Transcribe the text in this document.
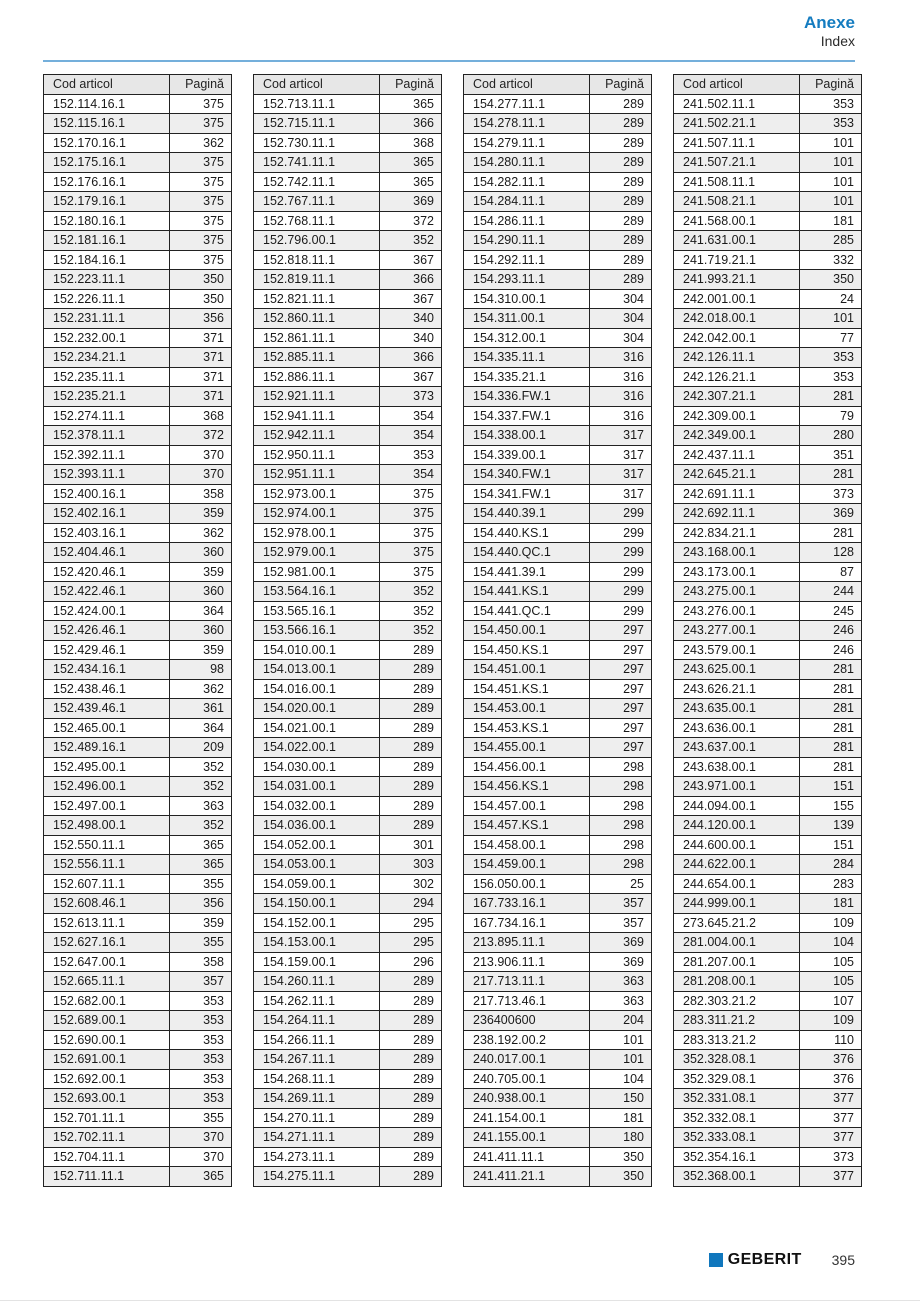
Anexe
Index
Cod articol	Pagină
152.114.16.1	375
152.115.16.1	375
152.170.16.1	362
152.175.16.1	375
152.176.16.1	375
152.179.16.1	375
152.180.16.1	375
152.181.16.1	375
152.184.16.1	375
152.223.11.1	350
152.226.11.1	350
152.231.11.1	356
152.232.00.1	371
152.234.21.1	371
152.235.11.1	371
152.235.21.1	371
152.274.11.1	368
152.378.11.1	372
152.392.11.1	370
152.393.11.1	370
152.400.16.1	358
152.402.16.1	359
152.403.16.1	362
152.404.46.1	360
152.420.46.1	359
152.422.46.1	360
152.424.00.1	364
152.426.46.1	360
152.429.46.1	359
152.434.16.1	98
152.438.46.1	362
152.439.46.1	361
152.465.00.1	364
152.489.16.1	209
152.495.00.1	352
152.496.00.1	352
152.497.00.1	363
152.498.00.1	352
152.550.11.1	365
152.556.11.1	365
152.607.11.1	355
152.608.46.1	356
152.613.11.1	359
152.627.16.1	355
152.647.00.1	358
152.665.11.1	357
152.682.00.1	353
152.689.00.1	353
152.690.00.1	353
152.691.00.1	353
152.692.00.1	353
152.693.00.1	353
152.701.11.1	355
152.702.11.1	370
152.704.11.1	370
152.711.11.1	365
Cod articol	Pagină
152.713.11.1	365
152.715.11.1	366
152.730.11.1	368
152.741.11.1	365
152.742.11.1	365
152.767.11.1	369
152.768.11.1	372
152.796.00.1	352
152.818.11.1	367
152.819.11.1	366
152.821.11.1	367
152.860.11.1	340
152.861.11.1	340
152.885.11.1	366
152.886.11.1	367
152.921.11.1	373
152.941.11.1	354
152.942.11.1	354
152.950.11.1	353
152.951.11.1	354
152.973.00.1	375
152.974.00.1	375
152.978.00.1	375
152.979.00.1	375
152.981.00.1	375
153.564.16.1	352
153.565.16.1	352
153.566.16.1	352
154.010.00.1	289
154.013.00.1	289
154.016.00.1	289
154.020.00.1	289
154.021.00.1	289
154.022.00.1	289
154.030.00.1	289
154.031.00.1	289
154.032.00.1	289
154.036.00.1	289
154.052.00.1	301
154.053.00.1	303
154.059.00.1	302
154.150.00.1	294
154.152.00.1	295
154.153.00.1	295
154.159.00.1	296
154.260.11.1	289
154.262.11.1	289
154.264.11.1	289
154.266.11.1	289
154.267.11.1	289
154.268.11.1	289
154.269.11.1	289
154.270.11.1	289
154.271.11.1	289
154.273.11.1	289
154.275.11.1	289
Cod articol	Pagină
154.277.11.1	289
154.278.11.1	289
154.279.11.1	289
154.280.11.1	289
154.282.11.1	289
154.284.11.1	289
154.286.11.1	289
154.290.11.1	289
154.292.11.1	289
154.293.11.1	289
154.310.00.1	304
154.311.00.1	304
154.312.00.1	304
154.335.11.1	316
154.335.21.1	316
154.336.FW.1	316
154.337.FW.1	316
154.338.00.1	317
154.339.00.1	317
154.340.FW.1	317
154.341.FW.1	317
154.440.39.1	299
154.440.KS.1	299
154.440.QC.1	299
154.441.39.1	299
154.441.KS.1	299
154.441.QC.1	299
154.450.00.1	297
154.450.KS.1	297
154.451.00.1	297
154.451.KS.1	297
154.453.00.1	297
154.453.KS.1	297
154.455.00.1	297
154.456.00.1	298
154.456.KS.1	298
154.457.00.1	298
154.457.KS.1	298
154.458.00.1	298
154.459.00.1	298
156.050.00.1	25
167.733.16.1	357
167.734.16.1	357
213.895.11.1	369
213.906.11.1	369
217.713.11.1	363
217.713.46.1	363
236400600	204
238.192.00.2	101
240.017.00.1	101
240.705.00.1	104
240.938.00.1	150
241.154.00.1	181
241.155.00.1	180
241.411.11.1	350
241.411.21.1	350
Cod articol	Pagină
241.502.11.1	353
241.502.21.1	353
241.507.11.1	101
241.507.21.1	101
241.508.11.1	101
241.508.21.1	101
241.568.00.1	181
241.631.00.1	285
241.719.21.1	332
241.993.21.1	350
242.001.00.1	24
242.018.00.1	101
242.042.00.1	77
242.126.11.1	353
242.126.21.1	353
242.307.21.1	281
242.309.00.1	79
242.349.00.1	280
242.437.11.1	351
242.645.21.1	281
242.691.11.1	373
242.692.11.1	369
242.834.21.1	281
243.168.00.1	128
243.173.00.1	87
243.275.00.1	244
243.276.00.1	245
243.277.00.1	246
243.579.00.1	246
243.625.00.1	281
243.626.21.1	281
243.635.00.1	281
243.636.00.1	281
243.637.00.1	281
243.638.00.1	281
243.971.00.1	151
244.094.00.1	155
244.120.00.1	139
244.600.00.1	151
244.622.00.1	284
244.654.00.1	283
244.999.00.1	181
273.645.21.2	109
281.004.00.1	104
281.207.00.1	105
281.208.00.1	105
282.303.21.2	107
283.311.21.2	109
283.313.21.2	110
352.328.08.1	376
352.329.08.1	376
352.331.08.1	377
352.332.08.1	377
352.333.08.1	377
352.354.16.1	373
352.368.00.1	377
GEBERIT 395
